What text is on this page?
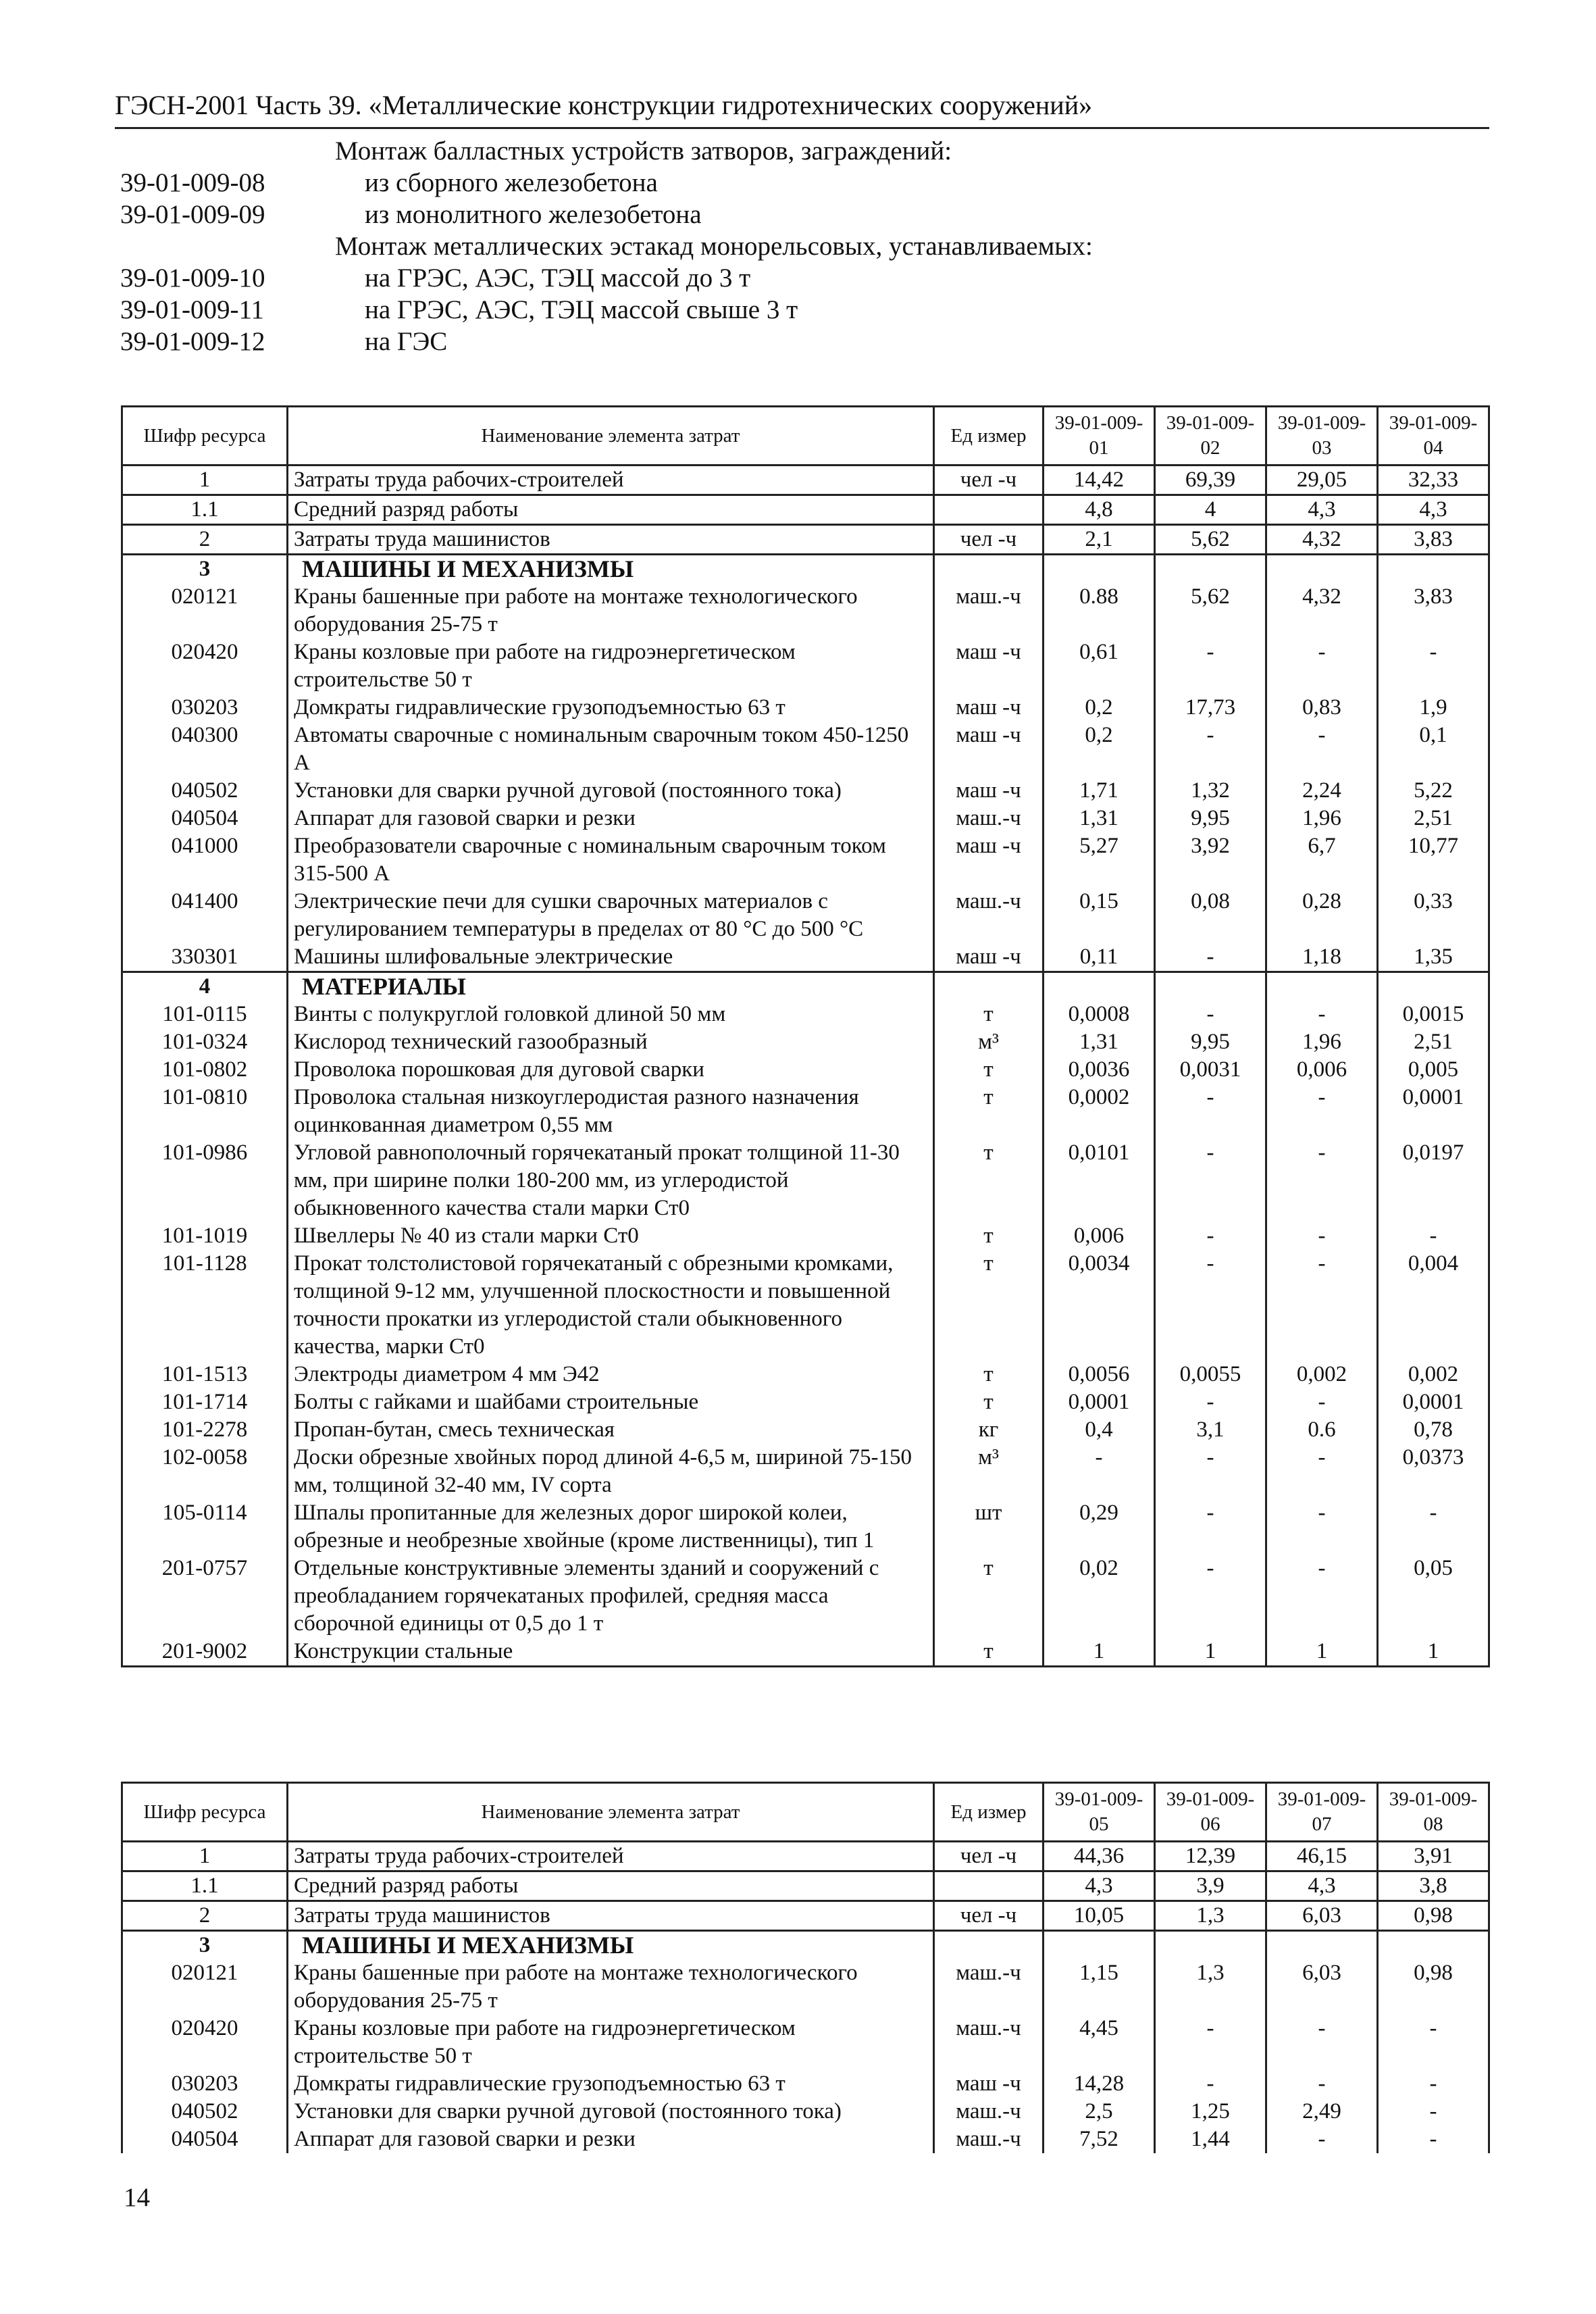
ГЭСН-2001 Часть 39. «Металлические конструкции гидротехнических сооружений»
Монтаж балластных устройств затворов, заграждений:
39-01-009-08	из сборного железобетона
39-01-009-09	из монолитного железобетона
Монтаж металлических эстакад монорельсовых, устанавливаемых:
39-01-009-10	на ГРЭС, АЭС, ТЭЦ массой до 3 т
39-01-009-11	на ГРЭС, АЭС, ТЭЦ массой свыше 3 т
39-01-009-12	на ГЭС
Шифр ресурса	Наименование элемента затрат	Ед измер	39-01-009-01	39-01-009-02	39-01-009-03	39-01-009-04
1	Затраты труда рабочих-строителей	чел -ч	14,42	69,39	29,05	32,33
1.1	Средний разряд работы		4,8	4	4,3	4,3
2	Затраты труда машинистов	чел -ч	2,1	5,62	4,32	3,83
3	МАШИНЫ И МЕХАНИЗМЫ					
020121	Краны башенные при работе на монтаже технологического оборудования 25-75 т	маш.-ч	0.88	5,62	4,32	3,83
020420	Краны козловые при работе на гидроэнергетическом строительстве 50 т	маш -ч	0,61	-	-	-
030203	Домкраты гидравлические грузоподъемностью 63 т	маш -ч	0,2	17,73	0,83	1,9
040300	Автоматы сварочные с номинальным сварочным током 450-1250 А	маш -ч	0,2	-	-	0,1
040502	Установки для сварки ручной дуговой (постоянного тока)	маш -ч	1,71	1,32	2,24	5,22
040504	Аппарат для газовой сварки и резки	маш.-ч	1,31	9,95	1,96	2,51
041000	Преобразователи сварочные с номинальным сварочным током 315-500 А	маш -ч	5,27	3,92	6,7	10,77
041400	Электрические печи для сушки сварочных материалов с регулированием температуры в пределах от 80 °С до 500 °С	маш.-ч	0,15	0,08	0,28	0,33
330301	Машины шлифовальные электрические	маш -ч	0,11	-	1,18	1,35
4	МАТЕРИАЛЫ					
101-0115	Винты с полукруглой головкой длиной 50 мм	т	0,0008	-	-	0,0015
101-0324	Кислород технический газообразный	м³	1,31	9,95	1,96	2,51
101-0802	Проволока порошковая для дуговой сварки	т	0,0036	0,0031	0,006	0,005
101-0810	Проволока стальная низкоуглеродистая разного назначения оцинкованная диаметром 0,55 мм	т	0,0002	-	-	0,0001
101-0986	Угловой равнополочный горячекатаный прокат толщиной 11-30 мм, при ширине полки 180-200 мм, из углеродистой обыкновенного качества стали марки Ст0	т	0,0101	-	-	0,0197
101-1019	Швеллеры № 40 из стали марки Ст0	т	0,006	-	-	-
101-1128	Прокат толстолистовой горячекатаный с обрезными кромками, толщиной 9-12 мм, улучшенной плоскостности и повышенной точности прокатки из углеродистой стали обыкновенного качества, марки Ст0	т	0,0034	-	-	0,004
101-1513	Электроды диаметром 4 мм Э42	т	0,0056	0,0055	0,002	0,002
101-1714	Болты с гайками и шайбами строительные	т	0,0001	-	-	0,0001
101-2278	Пропан-бутан, смесь техническая	кг	0,4	3,1	0.6	0,78
102-0058	Доски обрезные хвойных пород длиной 4-6,5 м, шириной 75-150 мм, толщиной 32-40 мм, IV сорта	м³	-	-	-	0,0373
105-0114	Шпалы пропитанные для железных дорог широкой колеи, обрезные и необрезные хвойные (кроме лиственницы), тип 1	шт	0,29	-	-	-
201-0757	Отдельные конструктивные элементы зданий и сооружений с преобладанием горячекатаных профилей, средняя масса сборочной единицы от 0,5 до 1 т	т	0,02	-	-	0,05
201-9002	Конструкции стальные	т	1	1	1	1
Шифр ресурса	Наименование элемента затрат	Ед измер	39-01-009-05	39-01-009-06	39-01-009-07	39-01-009-08
1	Затраты труда рабочих-строителей	чел -ч	44,36	12,39	46,15	3,91
1.1	Средний разряд работы		4,3	3,9	4,3	3,8
2	Затраты труда машинистов	чел -ч	10,05	1,3	6,03	0,98
3	МАШИНЫ И МЕХАНИЗМЫ					
020121	Краны башенные при работе на монтаже технологического оборудования 25-75 т	маш.-ч	1,15	1,3	6,03	0,98
020420	Краны козловые при работе на гидроэнергетическом строительстве 50 т	маш.-ч	4,45	-	-	-
030203	Домкраты гидравлические грузоподъемностью 63 т	маш -ч	14,28	-	-	-
040502	Установки для сварки ручной дуговой (постоянного тока)	маш.-ч	2,5	1,25	2,49	-
040504	Аппарат для газовой сварки и резки	маш.-ч	7,52	1,44	-	-
14
